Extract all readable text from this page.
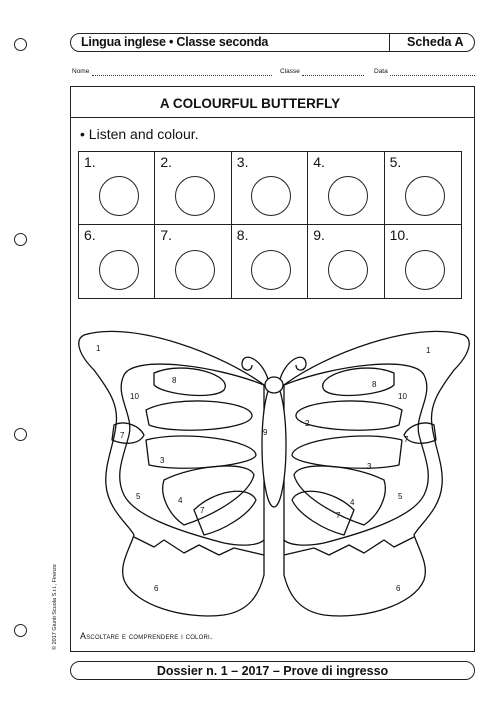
Lingua inglese • Classe seconda	Scheda A
Nome	Classe	Data
A COLOURFUL BUTTERFLY
• Listen and colour.
1.	2.	3.	4.	5.
6.	7.	8.	9.	10.
1
8
10
7
3
5	4
7
6
1
8
10
7
3
5
4
7
6
9
2
Ascoltare e comprendere i colori.
© 2017 Giunti Scuola S.r.l., Firenze
Dossier n. 1 – 2017 – Prove di ingresso
